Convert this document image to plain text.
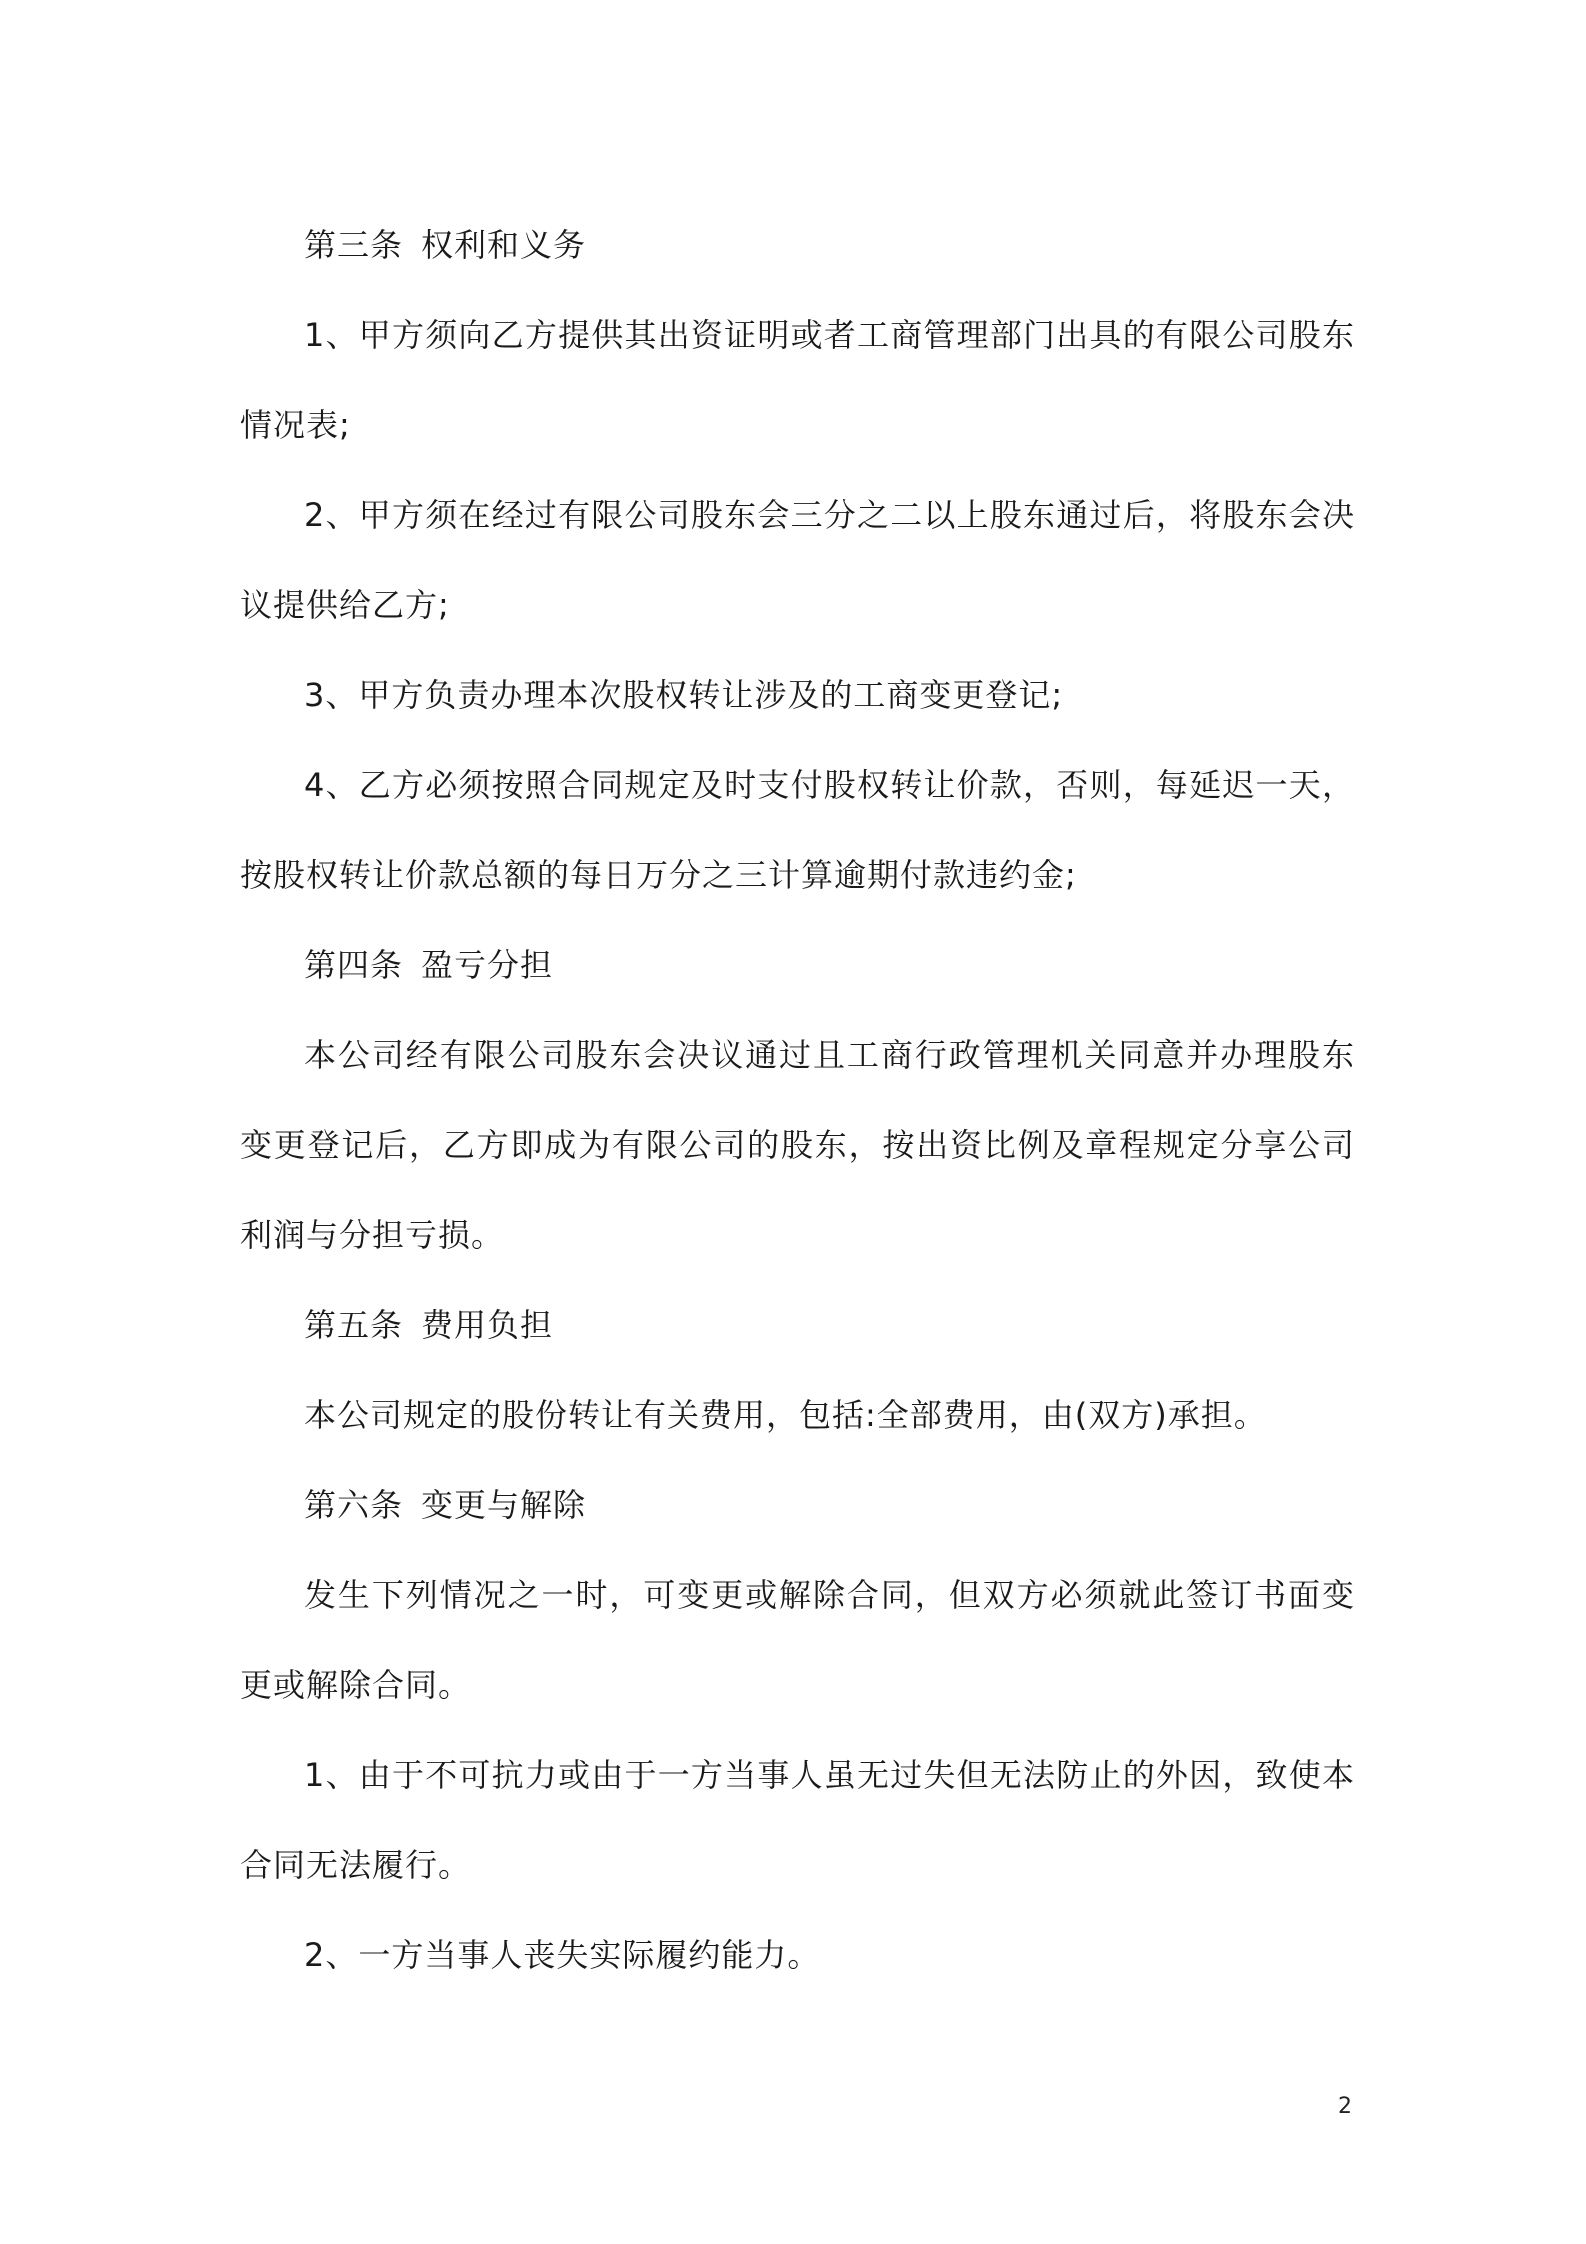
第三条 权利和义务

1、甲方须向乙方提供其出资证明或者工商管理部门出具的有限公司股东情况表;

2、甲方须在经过有限公司股东会三分之二以上股东通过后，将股东会决议提供给乙方;

3、甲方负责办理本次股权转让涉及的工商变更登记;

4、乙方必须按照合同规定及时支付股权转让价款，否则，每延迟一天，按股权转让价款总额的每日万分之三计算逾期付款违约金;

第四条 盈亏分担

本公司经有限公司股东会决议通过且工商行政管理机关同意并办理股东变更登记后，乙方即成为有限公司的股东，按出资比例及章程规定分享公司利润与分担亏损。

第五条 费用负担

本公司规定的股份转让有关费用，包括:全部费用，由(双方)承担。

第六条 变更与解除

发生下列情况之一时，可变更或解除合同，但双方必须就此签订书面变更或解除合同。

1、由于不可抗力或由于一方当事人虽无过失但无法防止的外因，致使本合同无法履行。

2、一方当事人丧失实际履约能力。

2
